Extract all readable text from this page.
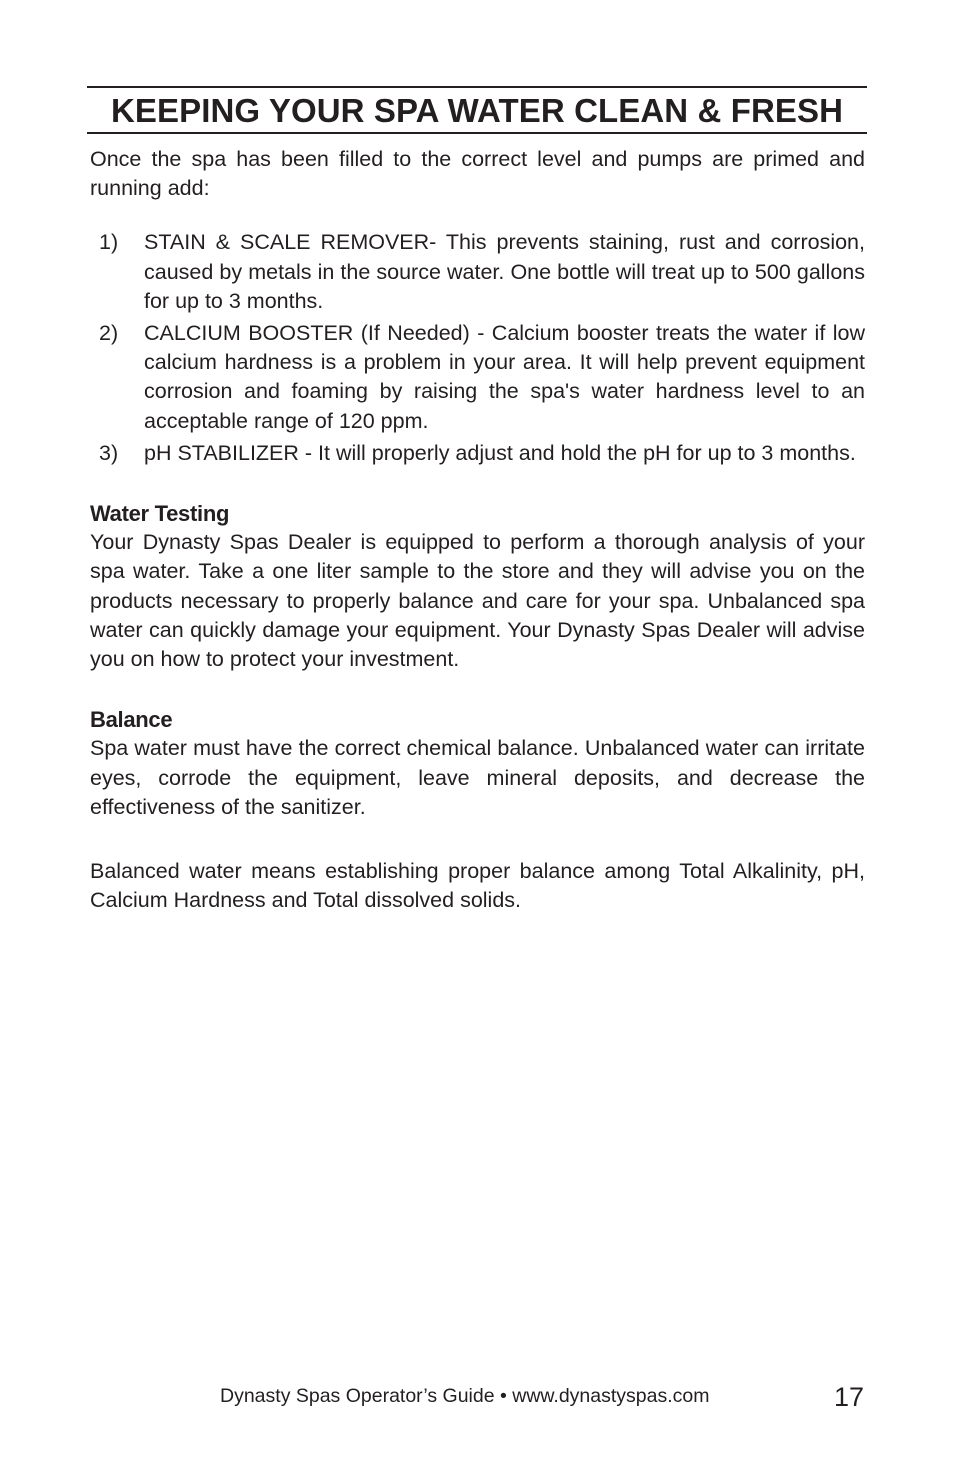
KEEPING YOUR SPA WATER CLEAN & FRESH

Once the spa has been filled to the correct level and pumps are primed and running add:

1)	STAIN & SCALE REMOVER- This prevents staining, rust and corrosion, caused by metals in the source water. One bottle will treat up to 500 gallons for up to 3 months.
2)	CALCIUM BOOSTER (If Needed) - Calcium booster treats the water if low calcium hardness is a problem in your area. It will help prevent equipment corrosion and foaming by raising the spa's water hardness level to an acceptable range of 120 ppm.
3)	pH STABILIZER - It will properly adjust and hold the pH for up to 3 months.
Water Testing

Your Dynasty Spas Dealer is equipped to perform a thorough analysis of your spa water. Take a one liter sample to the store and they will advise you on the products necessary to properly balance and care for your spa. Unbalanced spa water can quickly damage your equipment. Your Dynasty Spas Dealer will advise you on how to protect your investment.

Balance

Spa water must have the correct chemical balance. Unbalanced water can irritate eyes, corrode the equipment, leave mineral deposits, and decrease the effectiveness of the sanitizer.

Balanced water means establishing proper balance among Total Alkalinity, pH, Calcium Hardness and Total dissolved solids.

Dynasty Spas Operator’s Guide • www.dynastyspas.com	17
